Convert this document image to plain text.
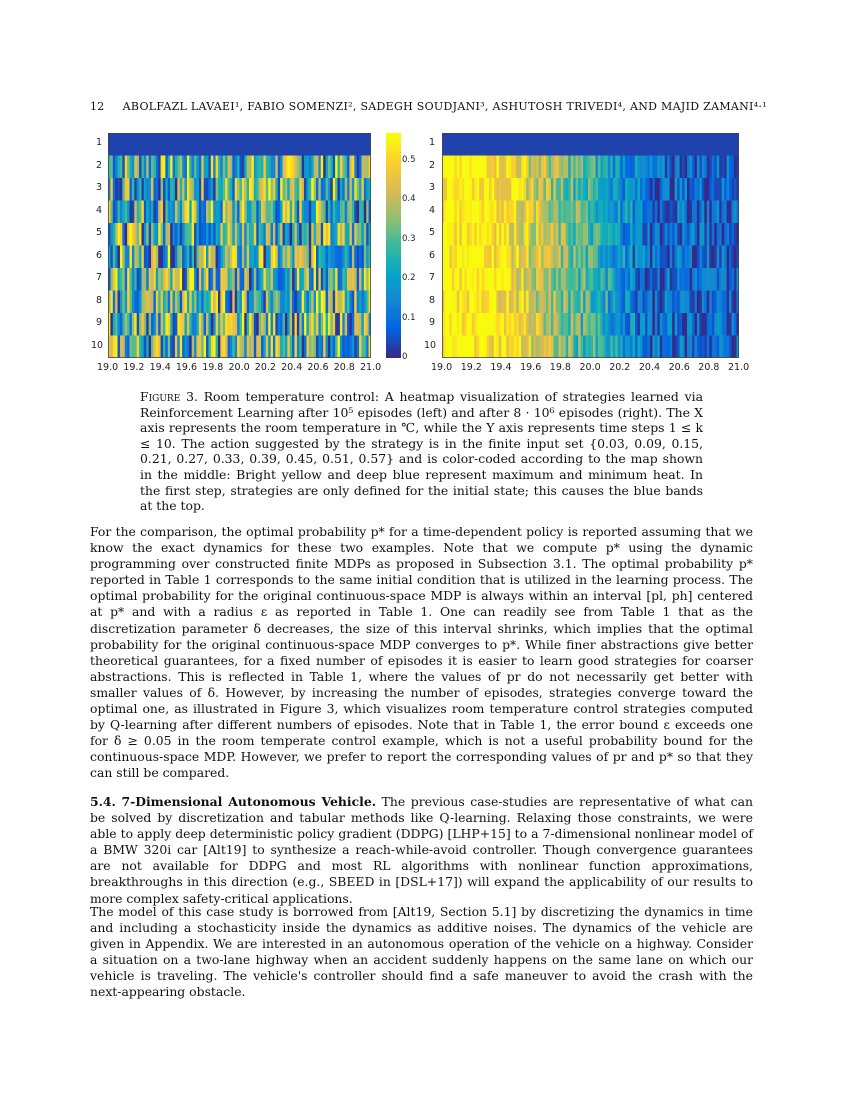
12 ABOLFAZL LAVAEI¹, FABIO SOMENZI², SADEGH SOUDJANI³, ASHUTOSH TRIVEDI⁴, AND MAJID ZAMANI⁴·¹
1
2
3
4
5
6
7
8
9
10
1
2
3
4
5
6
7
8
9
10
19.0 19.2 19.4 19.6 19.8 20.0 20.2 20.4 20.6 20.8 21.0	19.0 19.2 19.4 19.6 19.8 20.0 20.2 20.4 20.6 20.8 21.0
0
0.1
0.2
0.3
0.4
0.5
Figure 3. Room temperature control: A heatmap visualization of strategies learned via Reinforcement Learning after 10⁵ episodes (left) and after 8 · 10⁶ episodes (right). The X axis represents the room temperature in ℃, while the Y axis represents time steps 1 ≤ k ≤ 10. The action suggested by the strategy is in the finite input set {0.03, 0.09, 0.15, 0.21, 0.27, 0.33, 0.39, 0.45, 0.51, 0.57} and is color-coded according to the map shown in the middle: Bright yellow and deep blue represent maximum and minimum heat. In the first step, strategies are only defined for the initial state; this causes the blue bands at the top.

For the comparison, the optimal probability p* for a time-dependent policy is reported assuming that we know the exact dynamics for these two examples. Note that we compute p* using the dynamic programming over constructed finite MDPs as proposed in Subsection 3.1. The optimal probability p* reported in Table 1 corresponds to the same initial condition that is utilized in the learning process. The optimal probability for the original continuous-space MDP is always within an interval [pl, ph] centered at p* and with a radius ε as reported in Table 1. One can readily see from Table 1 that as the discretization parameter δ decreases, the size of this interval shrinks, which implies that the optimal probability for the original continuous-space MDP converges to p*. While finer abstractions give better theoretical guarantees, for a fixed number of episodes it is easier to learn good strategies for coarser abstractions. This is reflected in Table 1, where the values of pr do not necessarily get better with smaller values of δ. However, by increasing the number of episodes, strategies converge toward the optimal one, as illustrated in Figure 3, which visualizes room temperature control strategies computed by Q-learning after different numbers of episodes. Note that in Table 1, the error bound ε exceeds one for δ ≥ 0.05 in the room temperate control example, which is not a useful probability bound for the continuous-space MDP. However, we prefer to report the corresponding values of pr and p* so that they can still be compared.

5.4. 7-Dimensional Autonomous Vehicle. The previous case-studies are representative of what can be solved by discretization and tabular methods like Q-learning. Relaxing those constraints, we were able to apply deep deterministic policy gradient (DDPG) [LHP+15] to a 7-dimensional nonlinear model of a BMW 320i car [Alt19] to synthesize a reach-while-avoid controller. Though convergence guarantees are not available for DDPG and most RL algorithms with nonlinear function approximations, breakthroughs in this direction (e.g., SBEED in [DSL+17]) will expand the applicability of our results to more complex safety-critical applications.

The model of this case study is borrowed from [Alt19, Section 5.1] by discretizing the dynamics in time and including a stochasticity inside the dynamics as additive noises. The dynamics of the vehicle are given in Appendix. We are interested in an autonomous operation of the vehicle on a highway. Consider a situation on a two-lane highway when an accident suddenly happens on the same lane on which our vehicle is traveling. The vehicle's controller should find a safe maneuver to avoid the crash with the next-appearing obstacle.
